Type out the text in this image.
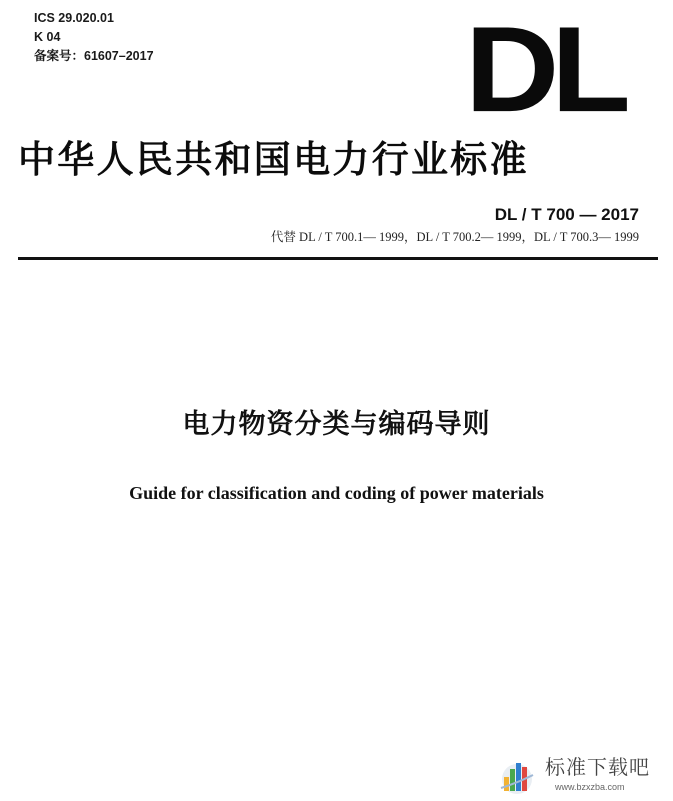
ICS 29.020.01
K 04
备案号：61607–2017 DL
中华人民共和国电力行业标准
DL / T 700 — 2017
代替 DL / T 700.1— 1999，DL / T 700.2— 1999，DL / T 700.3— 1999
电力物资分类与编码导则
Guide for classification and coding of power materials
标准下载吧
www.bzxzba.com
